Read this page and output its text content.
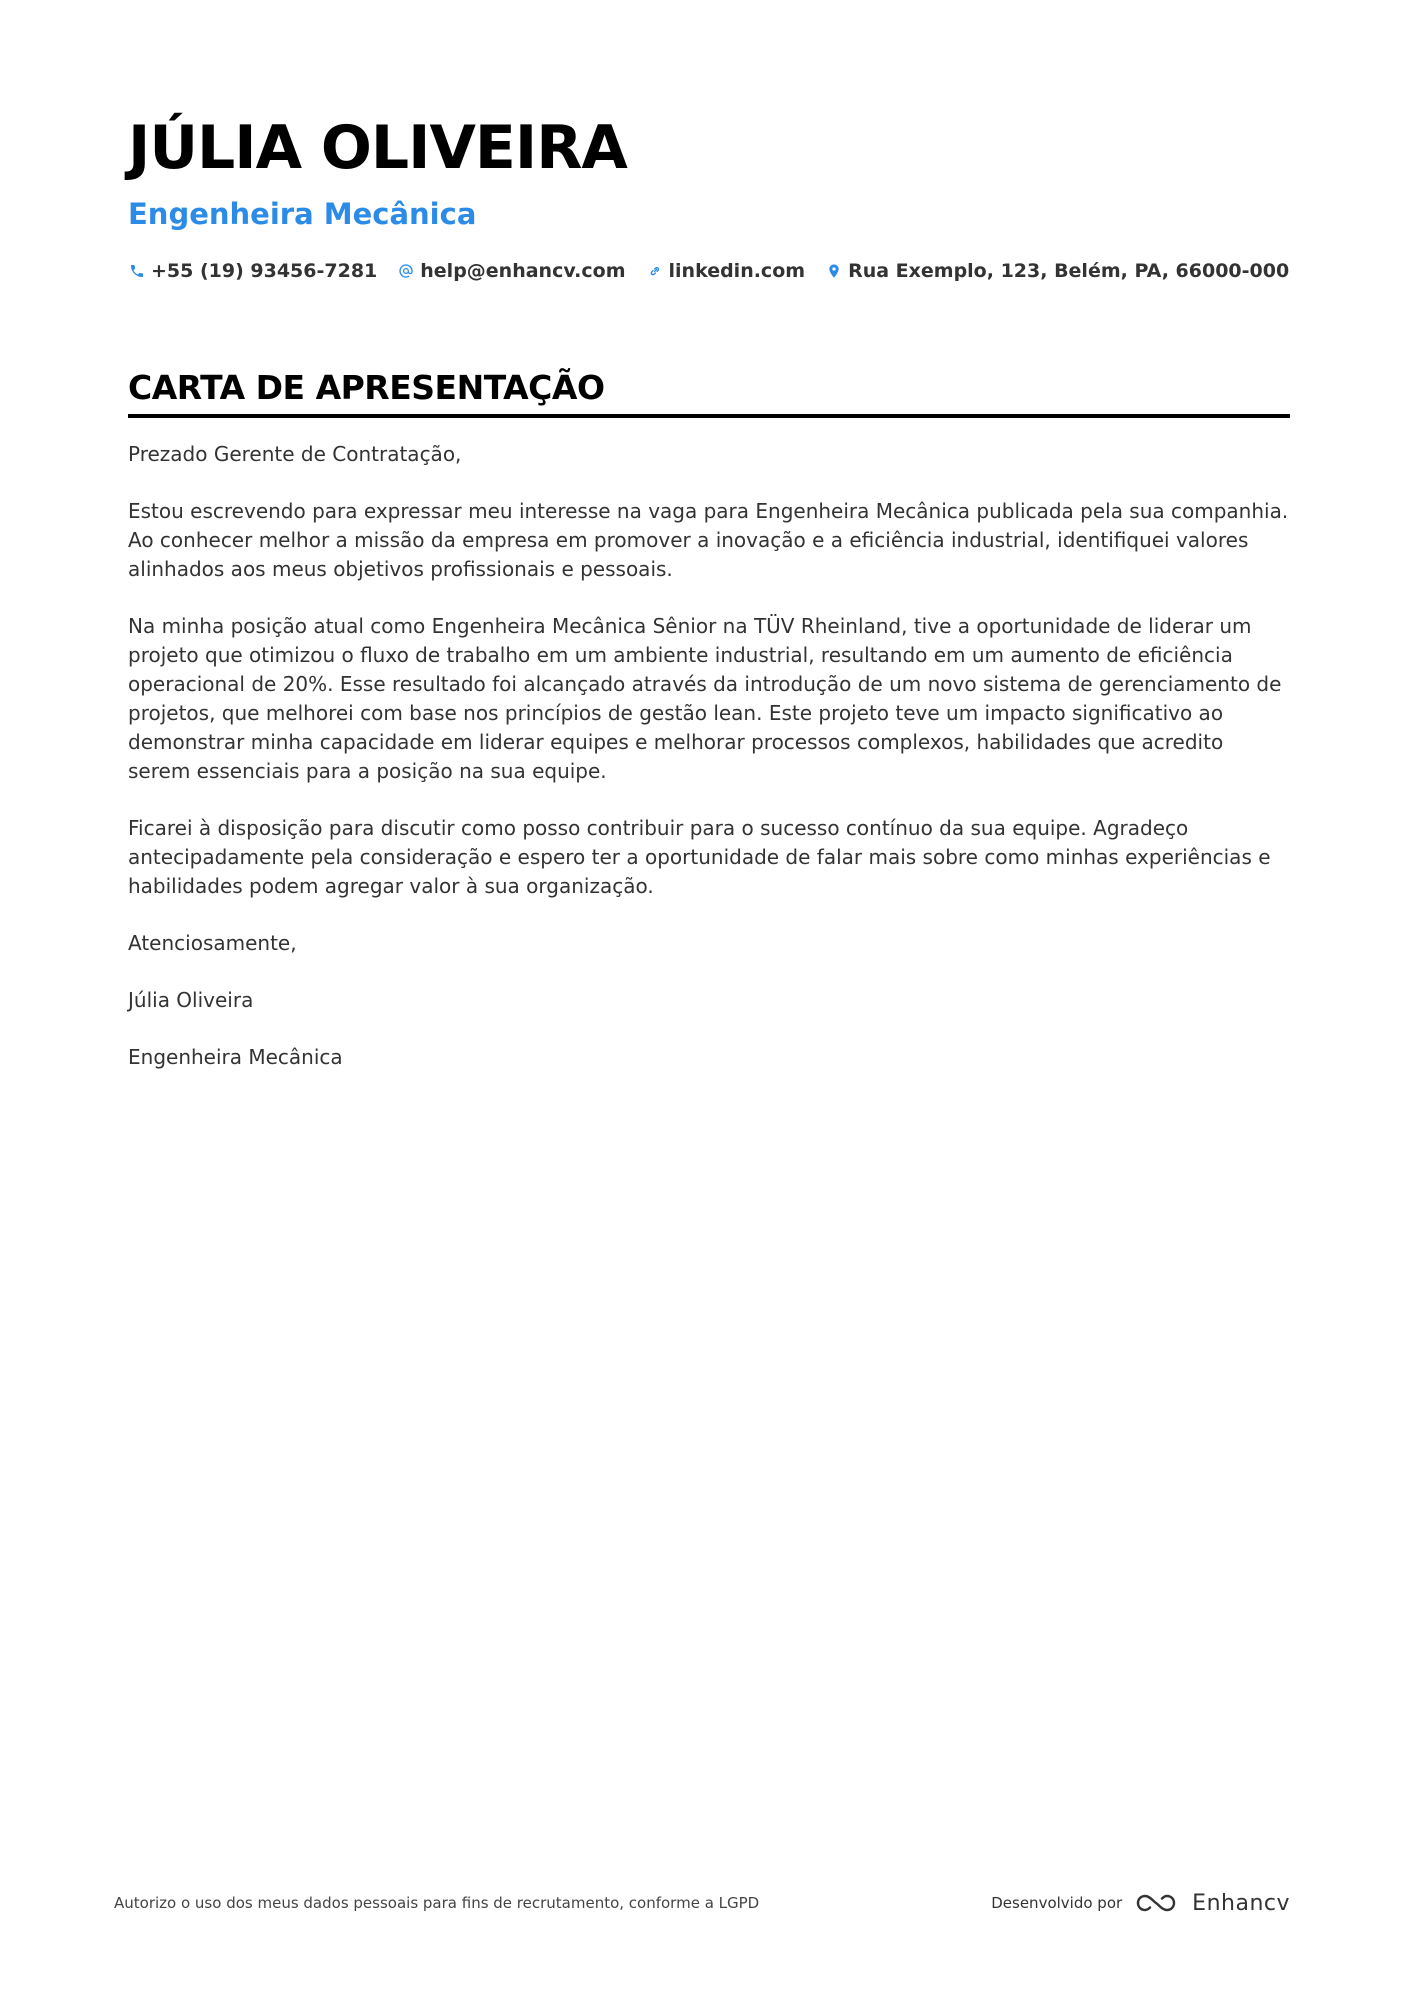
JÚLIA OLIVEIRA
Engenheira Mecânica
+55 (19) 93456-7281 help@enhancv.com linkedin.com Rua Exemplo, 123, Belém, PA, 66000-000
CARTA DE APRESENTAÇÃO

Prezado Gerente de Contratação,

Estou escrevendo para expressar meu interesse na vaga para Engenheira Mecânica publicada pela sua companhia. Ao conhecer melhor a missão da empresa em promover a inovação e a eficiência industrial, identifiquei valores alinhados aos meus objetivos profissionais e pessoais.

Na minha posição atual como Engenheira Mecânica Sênior na TÜV Rheinland, tive a oportunidade de liderar um projeto que otimizou o fluxo de trabalho em um ambiente industrial, resultando em um aumento de eficiência operacional de 20%. Esse resultado foi alcançado através da introdução de um novo sistema de gerenciamento de projetos, que melhorei com base nos princípios de gestão lean. Este projeto teve um impacto significativo ao demonstrar minha capacidade em liderar equipes e melhorar processos complexos, habilidades que acredito serem essenciais para a posição na sua equipe.

Ficarei à disposição para discutir como posso contribuir para o sucesso contínuo da sua equipe. Agradeço antecipadamente pela consideração e espero ter a oportunidade de falar mais sobre como minhas experiências e habilidades podem agregar valor à sua organização.

Atenciosamente,

Júlia Oliveira

Engenheira Mecânica

Autorizo o uso dos meus dados pessoais para fins de recrutamento, conforme a LGPD	Desenvolvido por	Enhancv
